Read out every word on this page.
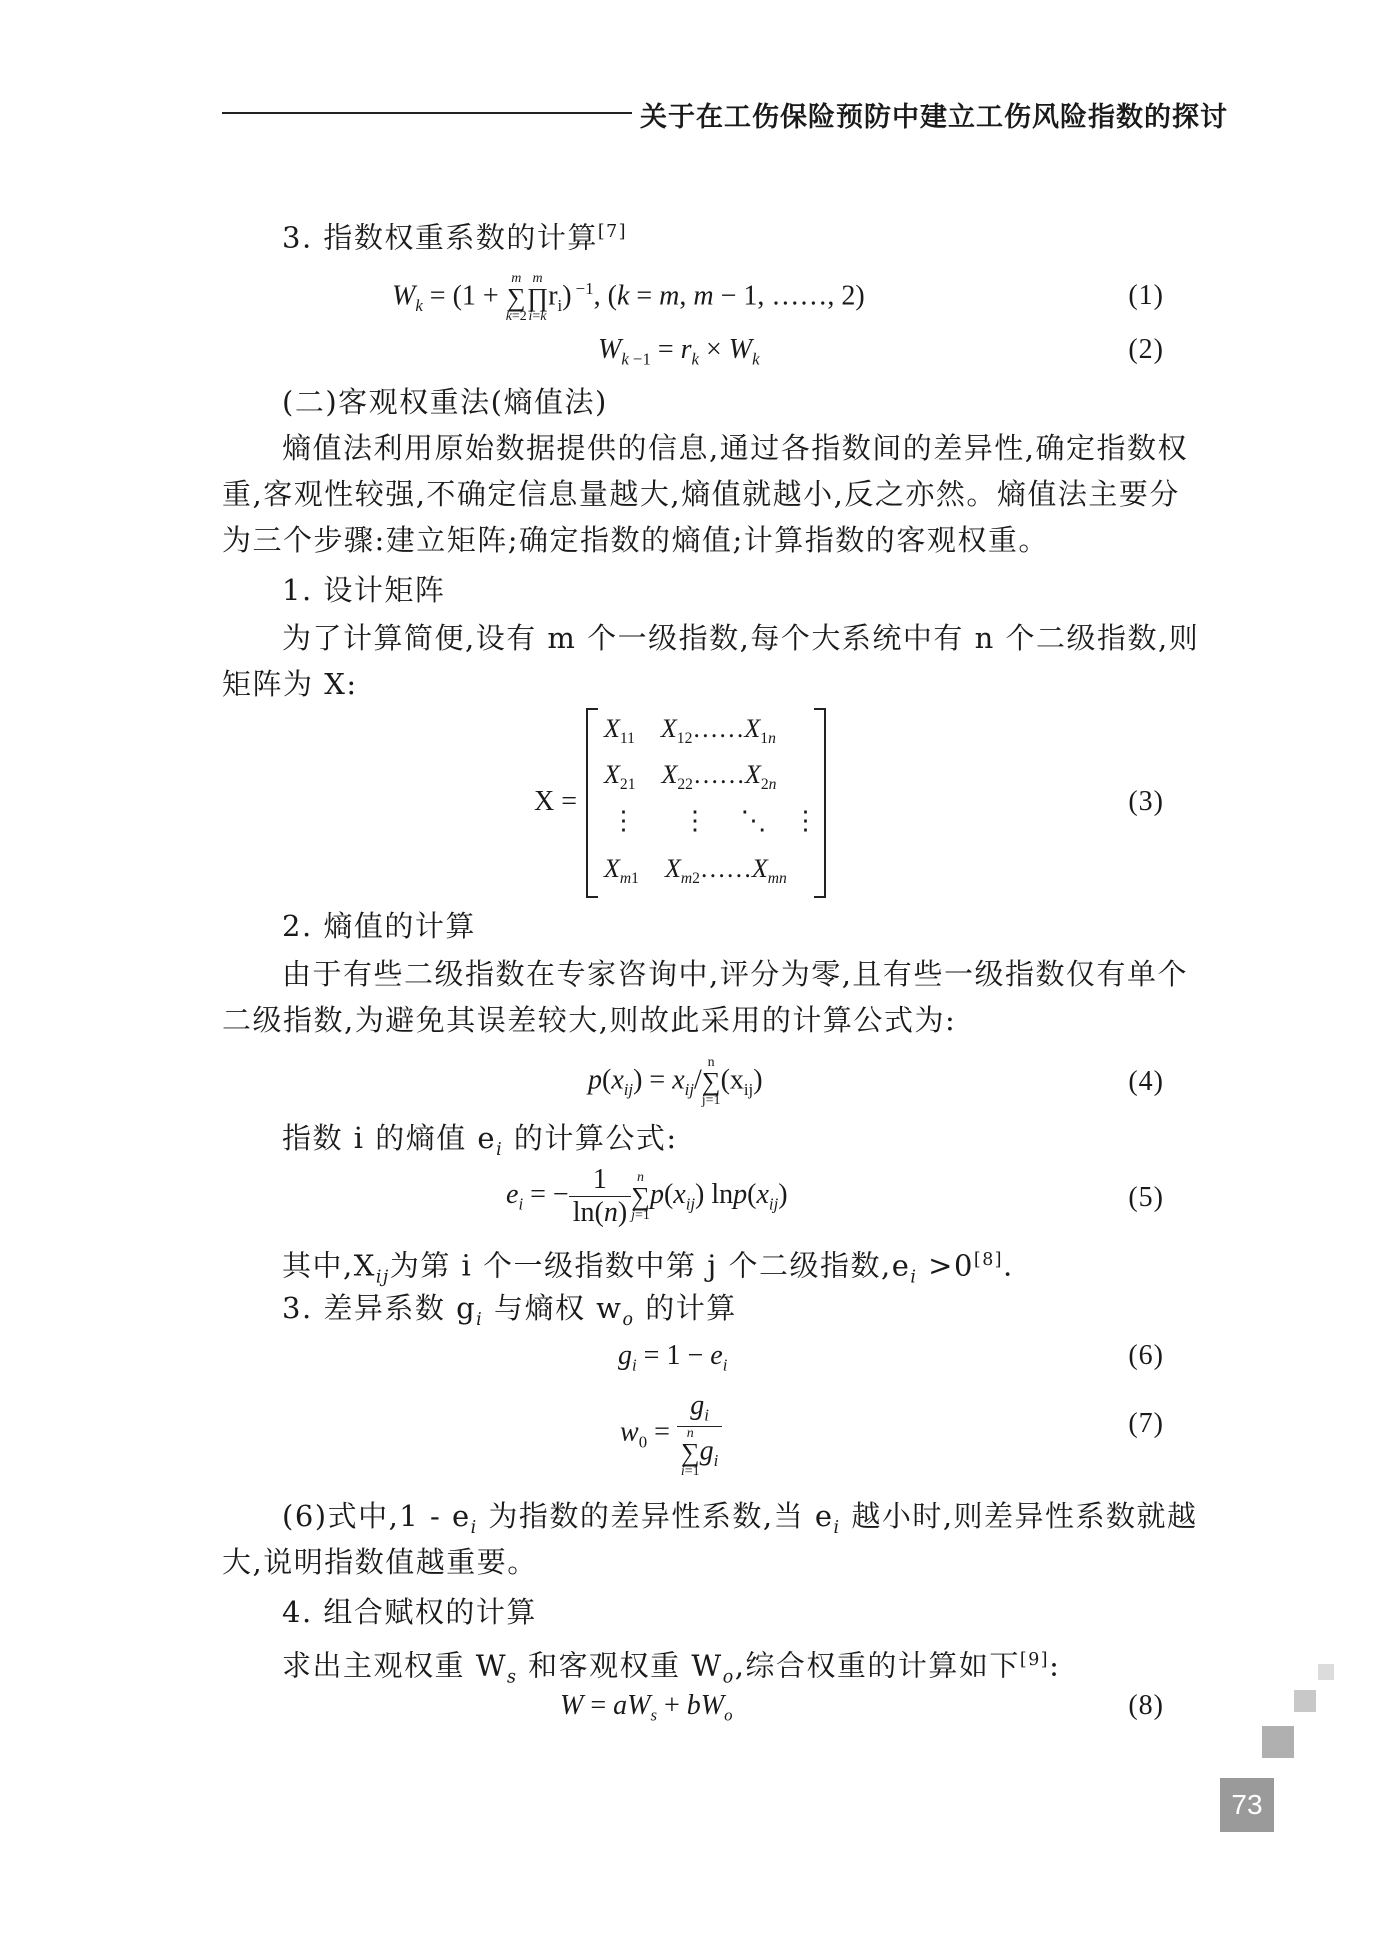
关于在工伤保险预防中建立工伤风险指数的探讨
3. 指数权重系数的计算[7]
$W_k = (1 + m$
∑
k=2m
∏
$i=kr_i$) $^{-1}$, (k = m, m − 1, ……, 2)	(1)
$W_{k -1} = r_k \times W_k$	(2)
(二)客观权重法(熵值法)
熵值法利用原始数据提供的信息,通过各指数间的差异性,确定指数权
重,客观性较强,不确定信息量越大,熵值就越小,反之亦然。熵值法主要分
为三个步骤:建立矩阵;确定指数的熵值;计算指数的客观权重。
1. 设计矩阵
为了计算简便,设有 m 个一级指数,每个大系统中有 n 个二级指数,则
矩阵为 X:
X =
$X_{11}$ $X_{12}\dots\dots X_{1n}$
$X_{21}$ $X_{22}\dots\dots X_{2n}$
⋮       ⋮     ⋱    ⋮
$X_{m1}$ $X_{m2}\dots\dots X_{mn}$
(3)
2. 熵值的计算
由于有些二级指数在专家咨询中,评分为零,且有些一级指数仅有单个
二级指数,为避免其误差较大,则故此采用的计算公式为:
$p(x_{ij}) = x_{ij}/n$
∑
$j=1(x_{ij})$	(4)
指数 i 的熵值 $e_i$ 的计算公式:
$e_i$ = − $\frac{1}{\ln(n)}$ n
∑
$j=1p(x_{ij})$ $\ln p(x_{ij})$	(5)
其中$,X_{ij}$为第 i 个一级指数中第 j 个二级指数$,e_i >0[8]$.
3. 差异系数 $g_i$ 与熵权 $w_o$ 的计算
$g_i = 1 - e_i$	(6)
$w_0 = g_i$
n
∑
$i=1g_i$	(7)
(6)式中$,1 - e_i$ 为指数的差异性系数,当 $e_i$ 越小时,则差异性系数就越
大,说明指数值越重要。
4. 组合赋权的计算
求出主观权重 $W_s$ 和客观权重 $W_o$,综合权重的计算如下[9]:
$W = aW_s + bW_o$	(8)
73
